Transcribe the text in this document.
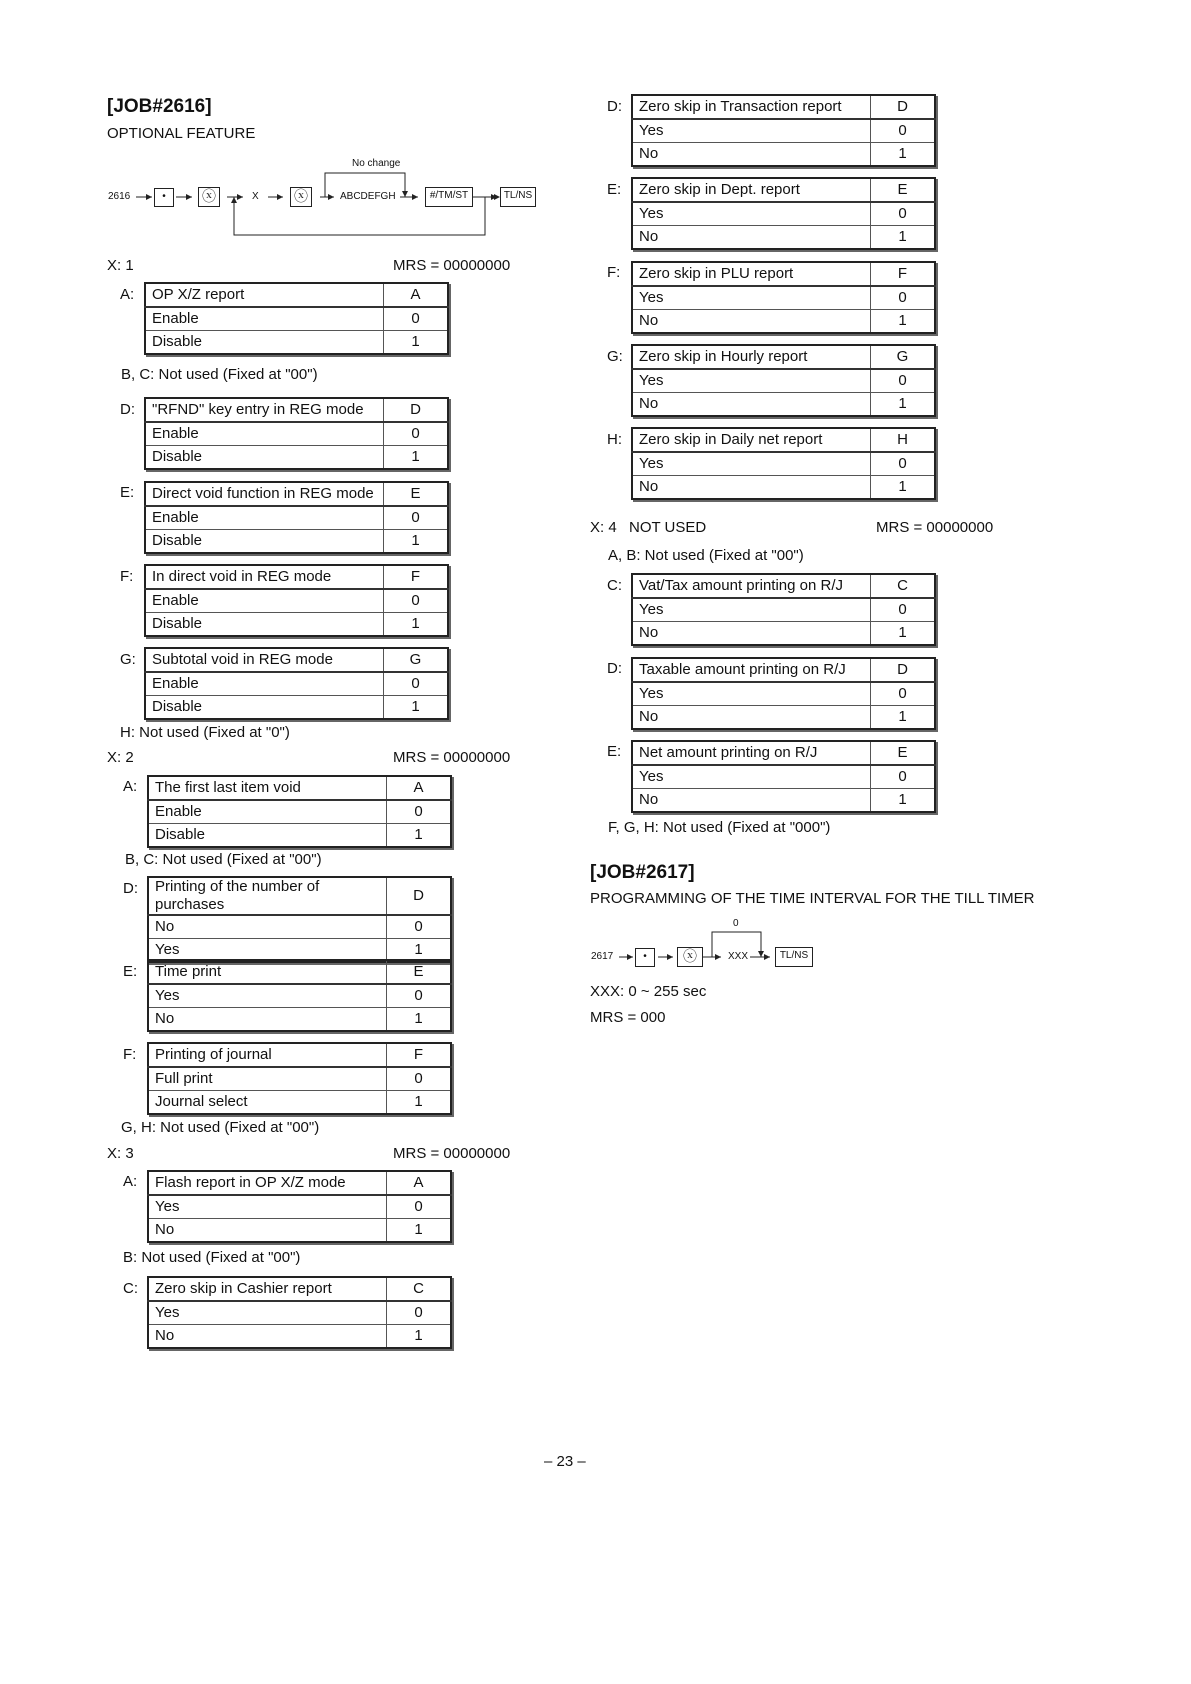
[JOB#2616]
OPTIONAL FEATURE
2616	•	ⓧ	X	ⓧ	ABCDEFGH
No change
#/TM/ST	TL/NS
X: 1	MRS = 00000000
A: OP X/Z report	A
Enable	0
Disable	1
B, C: Not used (Fixed at "00")
D: "RFND" key entry in REG mode	D
Enable	0
Disable	1
E: Direct void function in REG mode	E
Enable	0
Disable	1
F: In direct void in REG mode	F
Enable	0
Disable	1
G: Subtotal void in REG mode	G
Enable	0
Disable	1
H: Not used (Fixed at "0")
X: 2	MRS = 00000000
A: The first last item void	A
Enable	0
Disable	1
B, C: Not used (Fixed at "00")
D: Printing of the number of purchases	D
No	0
Yes	1
E: Time print	E
Yes	0
No	1
F: Printing of journal	F
Full print	0
Journal select	1
G, H: Not used (Fixed at "00")
X: 3	MRS = 00000000
A: Flash report in OP X/Z mode	A
Yes	0
No	1
B: Not used (Fixed at "00")
C: Zero skip in Cashier report	C
Yes	0
No	1
D: Zero skip in Transaction report	D
Yes	0
No	1
E: Zero skip in Dept. report	E
Yes	0
No	1
F: Zero skip in PLU report	F
Yes	0
No	1
G: Zero skip in Hourly report	G
Yes	0
No	1
H: Zero skip in Daily net report	H
Yes	0
No	1
X: 4 NOT USED	MRS = 00000000
A, B: Not used (Fixed at "00")
C: Vat/Tax amount printing on R/J	C
Yes	0
No	1
D: Taxable amount printing on R/J	D
Yes	0
No	1
E: Net amount printing on R/J	E
Yes	0
No	1
F, G, H: Not used (Fixed at "000")
[JOB#2617]
PROGRAMMING OF THE TIME INTERVAL FOR THE TILL TIMER
2617	•	ⓧ	XXX
0
TL/NS
XXX: 0 ~ 255 sec
MRS = 000
– 23 –
